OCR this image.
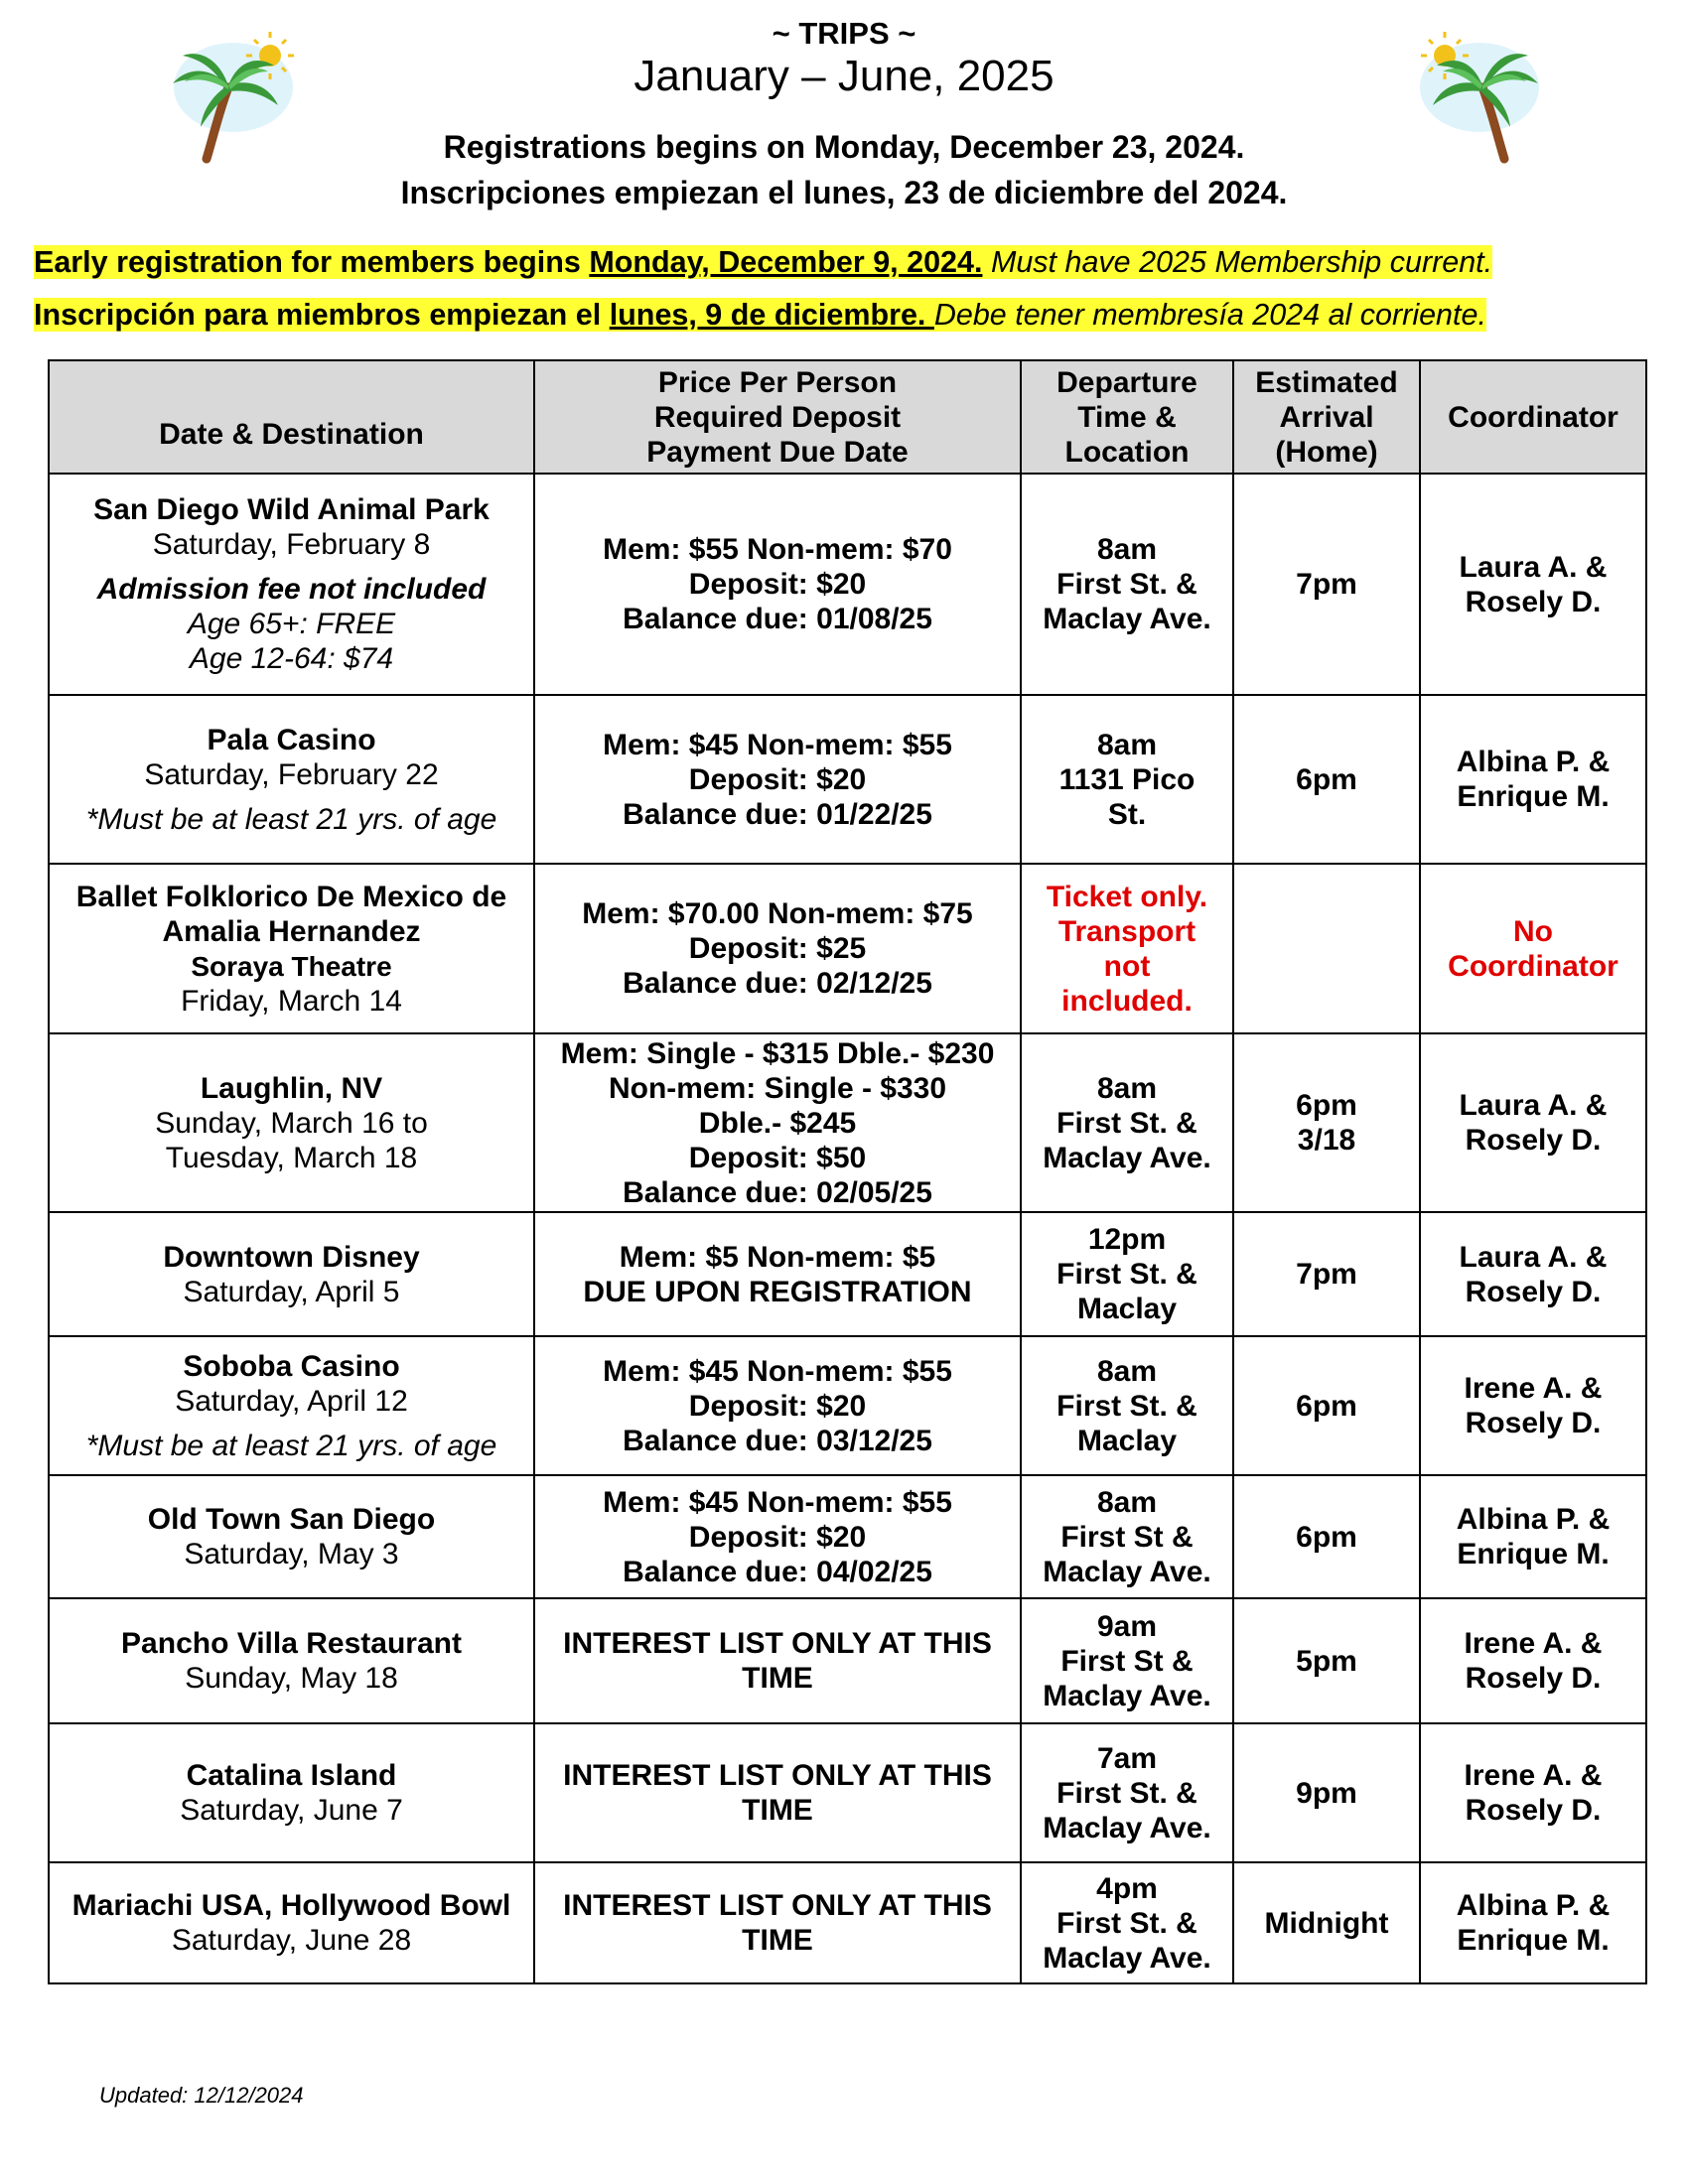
~ TRIPS ~
January – June, 2025
Registrations begins on Monday, December 23, 2024.
Inscripciones empiezan el lunes, 23 de diciembre del 2024.
Early registration for members begins Monday, December 9, 2024. Must have 2025 Membership current.
Inscripción para miembros empiezan el lunes, 9 de diciembre. Debe tener membresía 2024 al corriente.
Date & Destination	Price Per Person
Required Deposit
Payment Due Date	Departure
Time &
Location	Estimated
Arrival
(Home)	Coordinator

San Diego Wild Animal Park
Saturday, February 8
Admission fee not included
Age 65+: FREE
Age 12-64: $74	Mem: $55 Non-mem: $70
Deposit: $20
Balance due: 01/08/25	8am
First St. &
Maclay Ave.	7pm	Laura A. &
Rosely D.

Pala Casino
Saturday, February 22
*Must be at least 21 yrs. of age	Mem: $45 Non-mem: $55
Deposit: $20
Balance due: 01/22/25	8am
1131 Pico
St.	6pm	Albina P. &
Enrique M.

Ballet Folklorico De Mexico de Amalia Hernandez
Soraya Theatre
Friday, March 14	Mem: $70.00 Non-mem: $75
Deposit: $25
Balance due: 02/12/25	Ticket only.
Transport
not
included.		No
Coordinator

Laughlin, NV
Sunday, March 16 to
Tuesday, March 18	Mem: Single - $315 Dble.- $230
Non-mem: Single - $330
Dble.- $245
Deposit: $50
Balance due: 02/05/25	8am
First St. &
Maclay Ave.	6pm
3/18	Laura A. &
Rosely D.

Downtown Disney
Saturday, April 5	Mem: $5 Non-mem: $5
DUE UPON REGISTRATION	12pm
First St. &
Maclay	7pm	Laura A. &
Rosely D.

Soboba Casino
Saturday, April 12
*Must be at least 21 yrs. of age	Mem: $45 Non-mem: $55
Deposit: $20
Balance due: 03/12/25	8am
First St. &
Maclay	6pm	Irene A. &
Rosely D.

Old Town San Diego
Saturday, May 3	Mem: $45 Non-mem: $55
Deposit: $20
Balance due: 04/02/25	8am
First St &
Maclay Ave.	6pm	Albina P. &
Enrique M.

Pancho Villa Restaurant
Sunday, May 18	INTEREST LIST ONLY AT THIS
TIME	9am
First St &
Maclay Ave.	5pm	Irene A. &
Rosely D.

Catalina Island
Saturday, June 7	INTEREST LIST ONLY AT THIS
TIME	7am
First St. &
Maclay Ave.	9pm	Irene A. &
Rosely D.

Mariachi USA, Hollywood Bowl
Saturday, June 28	INTEREST LIST ONLY AT THIS
TIME	4pm
First St. &
Maclay Ave.	Midnight	Albina P. &
Enrique M.
Updated: 12/12/2024
